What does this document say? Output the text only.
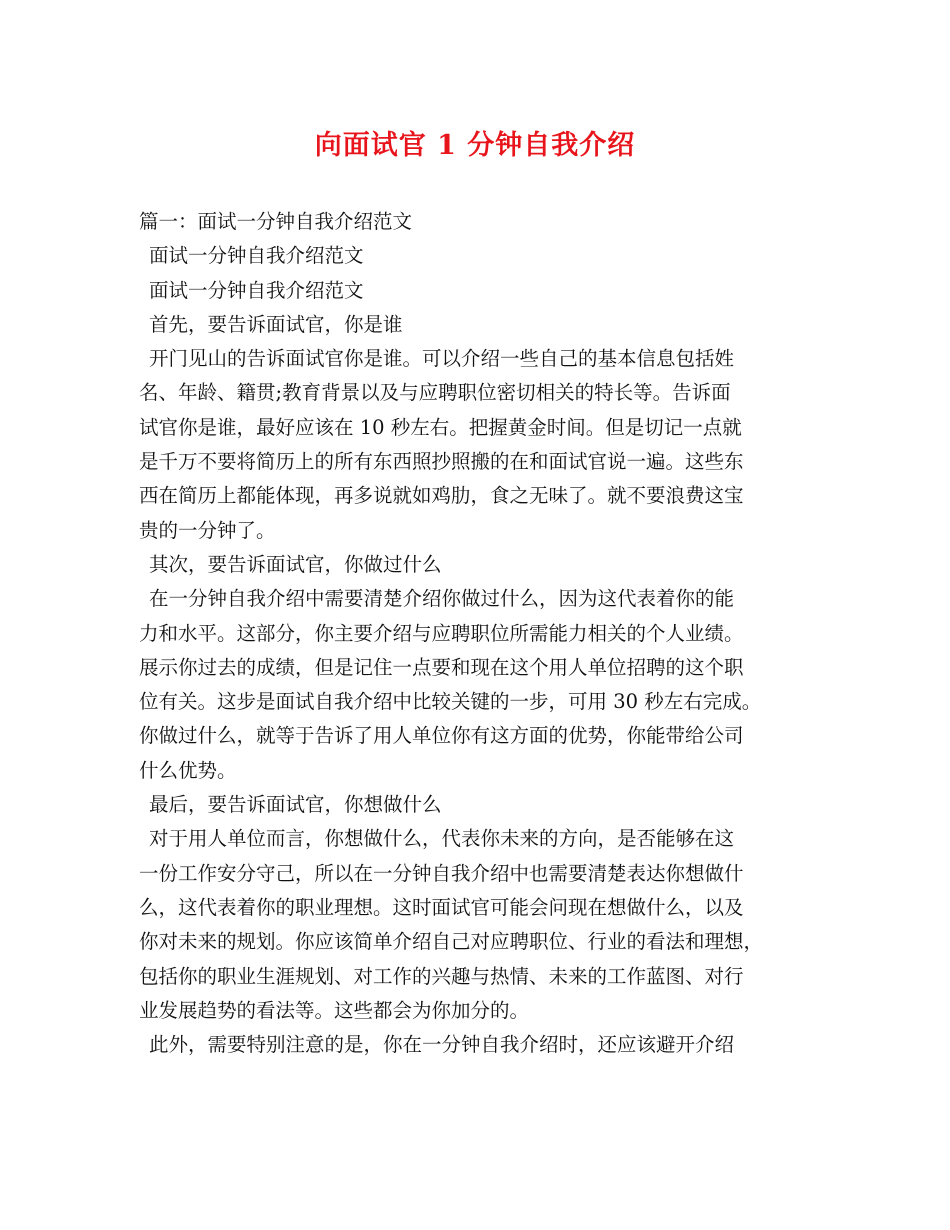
向面试官 1 分钟自我介绍

篇一：面试一分钟自我介绍范文

面试一分钟自我介绍范文

面试一分钟自我介绍范文

首先，要告诉面试官，你是谁

开门见山的告诉面试官你是谁。可以介绍一些自己的基本信息包括姓

名、年龄、籍贯;教育背景以及与应聘职位密切相关的特长等。告诉面

试官你是谁，最好应该在 10 秒左右。把握黄金时间。但是切记一点就

是千万不要将简历上的所有东西照抄照搬的在和面试官说一遍。这些东

西在简历上都能体现，再多说就如鸡肋，食之无味了。就不要浪费这宝

贵的一分钟了。

其次，要告诉面试官，你做过什么

在一分钟自我介绍中需要清楚介绍你做过什么，因为这代表着你的能

力和水平。这部分，你主要介绍与应聘职位所需能力相关的个人业绩。

展示你过去的成绩，但是记住一点要和现在这个用人单位招聘的这个职

位有关。这步是面试自我介绍中比较关键的一步，可用 30 秒左右完成。

你做过什么，就等于告诉了用人单位你有这方面的优势，你能带给公司

什么优势。

最后，要告诉面试官，你想做什么

对于用人单位而言，你想做什么，代表你未来的方向，是否能够在这

一份工作安分守己，所以在一分钟自我介绍中也需要清楚表达你想做什

么，这代表着你的职业理想。这时面试官可能会问现在想做什么，以及

你对未来的规划。你应该简单介绍自己对应聘职位、行业的看法和理想，

包括你的职业生涯规划、对工作的兴趣与热情、未来的工作蓝图、对行

业发展趋势的看法等。这些都会为你加分的。

此外，需要特别注意的是，你在一分钟自我介绍时，还应该避开介绍
